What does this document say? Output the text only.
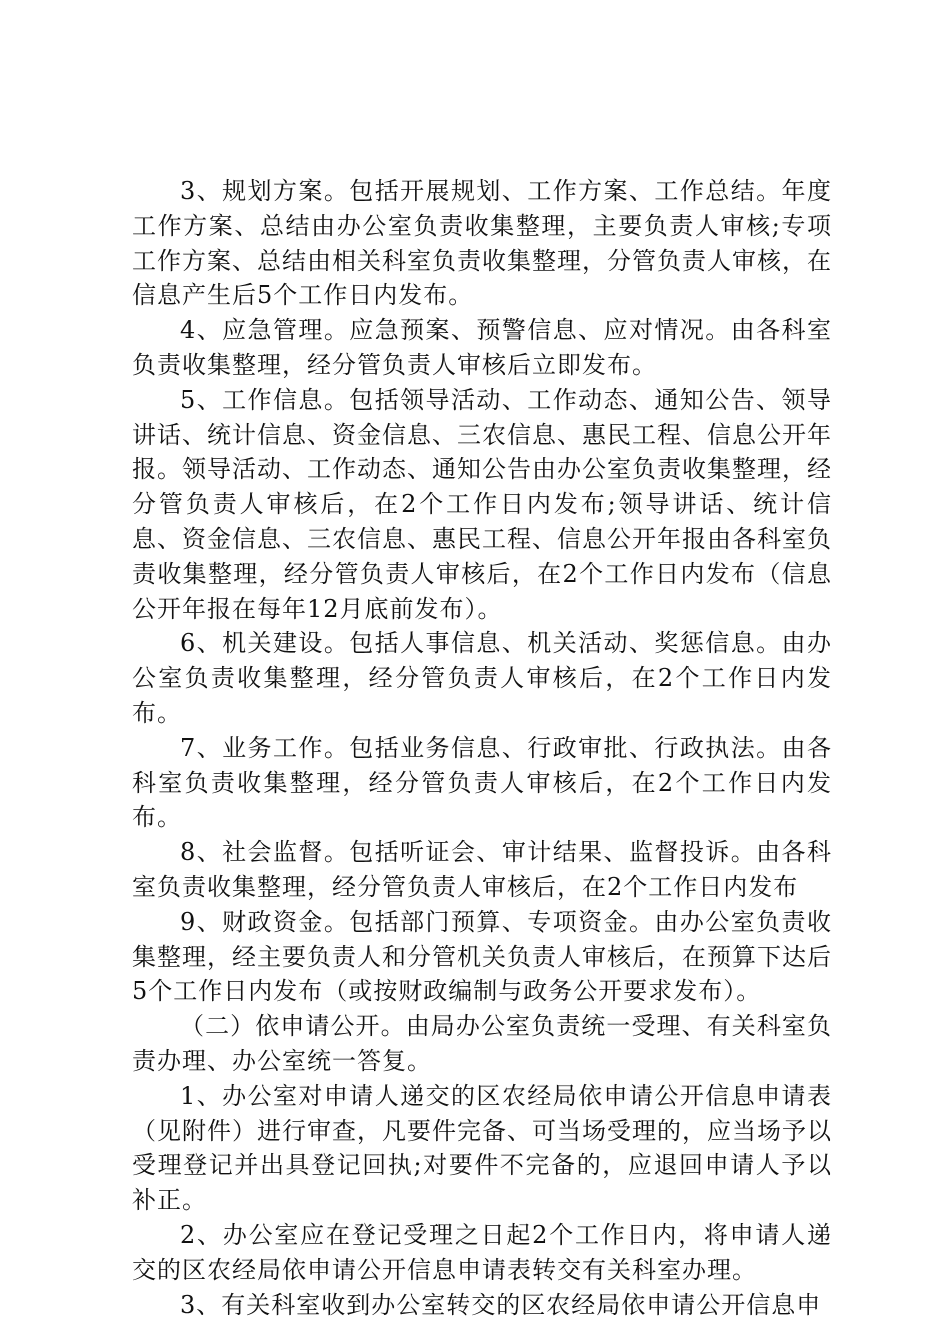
3、规划方案。包括开展规划、工作方案、工作总结。年度工作方案、总结由办公室负责收集整理，主要负责人审核;专项工作方案、总结由相关科室负责收集整理，分管负责人审核，在信息产生后5个工作日内发布。

4、应急管理。应急预案、预警信息、应对情况。由各科室负责收集整理，经分管负责人审核后立即发布。

5、工作信息。包括领导活动、工作动态、通知公告、领导讲话、统计信息、资金信息、三农信息、惠民工程、信息公开年报。领导活动、工作动态、通知公告由办公室负责收集整理，经分管负责人审核后，在2个工作日内发布;领导讲话、统计信息、资金信息、三农信息、惠民工程、信息公开年报由各科室负责收集整理，经分管负责人审核后，在2个工作日内发布（信息公开年报在每年12月底前发布）。

6、机关建设。包括人事信息、机关活动、奖惩信息。由办公室负责收集整理，经分管负责人审核后，在2个工作日内发布。

7、业务工作。包括业务信息、行政审批、行政执法。由各科室负责收集整理，经分管负责人审核后，在2个工作日内发布。

8、社会监督。包括听证会、审计结果、监督投诉。由各科室负责收集整理，经分管负责人审核后，在2个工作日内发布

9、财政资金。包括部门预算、专项资金。由办公室负责收集整理，经主要负责人和分管机关负责人审核后，在预算下达后5个工作日内发布（或按财政编制与政务公开要求发布）。

（二）依申请公开。由局办公室负责统一受理、有关科室负责办理、办公室统一答复。

1、办公室对申请人递交的区农经局依申请公开信息申请表（见附件）进行审查，凡要件完备、可当场受理的，应当场予以受理登记并出具登记回执;对要件不完备的，应退回申请人予以补正。

2、办公室应在登记受理之日起2个工作日内，将申请人递交的区农经局依申请公开信息申请表转交有关科室办理。

3、有关科室收到办公室转交的区农经局依申请公开信息申
